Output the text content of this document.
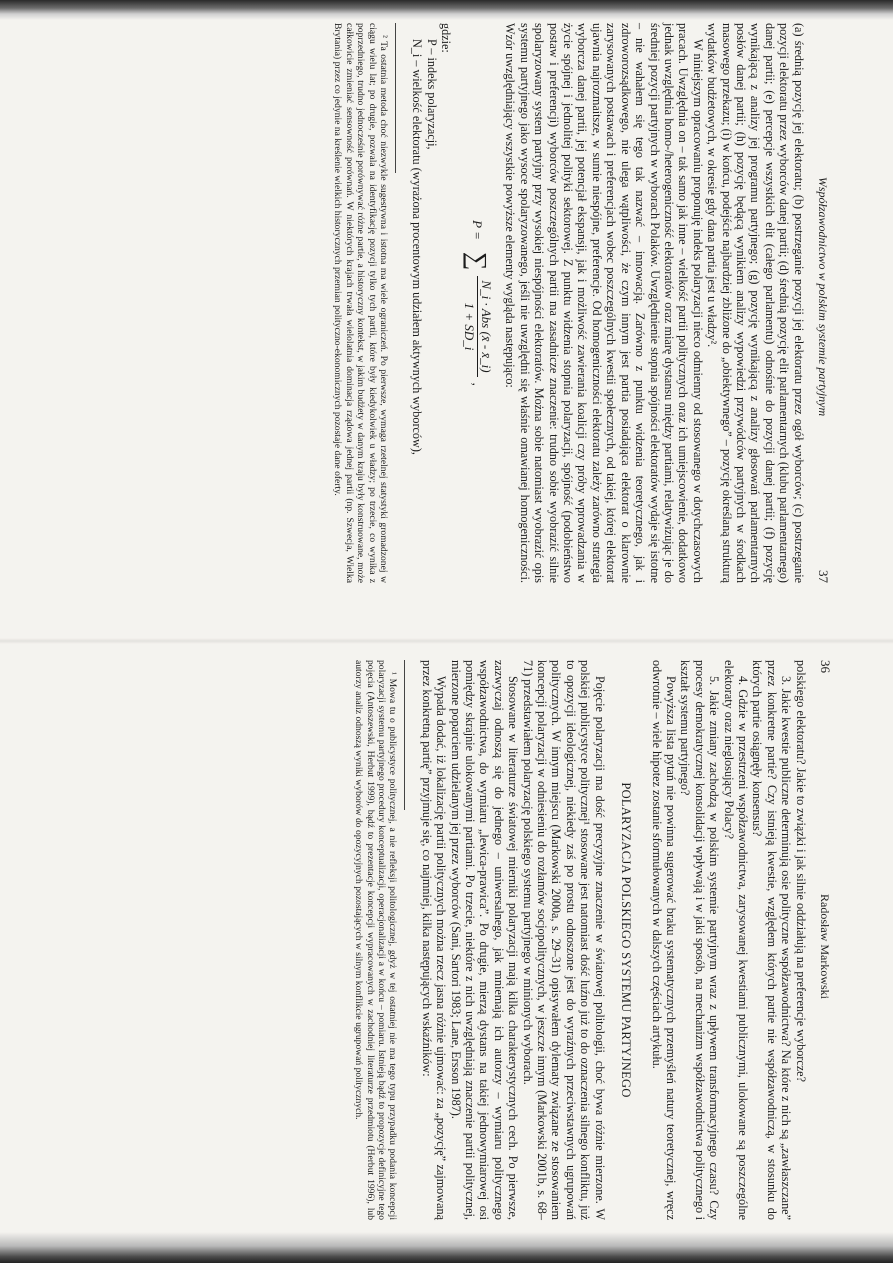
Współzawodnictwo w polskim systemie partyjnym
37

(a) średnią pozycję jej elektoratu; (b) postrzeganie pozycji jej elektoratu przez ogół wyborców; (c) postrzeganie pozycji elektoratu przez wyborców danej partii; (d) średnią pozycję elit parlamentarnych (klubu parlamentarnego) danej partii; (e) percepcje wszystkich elit (całego parlamentu) odnośnie do pozycji danej partii; (f) pozycję wynikającą z analizy jej programu partyjnego; (g) pozycję wynikającą z analizy głosowań parlamentarnych posłów danej partii; (h) pozycję będącą wynikiem analizy wypowiedzi przywódców partyjnych w środkach masowego przekazu; (i) w końcu, podejście najbardziej zbliżone do „obiektywnego” – pozycję określaną strukturą wydatków budżetowych, w okresie gdy dana partia jest u władzy².

W niniejszym opracowaniu proponuję indeks polaryzacji nieco odmienny od stosowanego w dotychczasowych pracach. Uwzględnia on – tak samo jak inne – wielkość partii politycznych oraz ich umiejscowienie, dodatkowo jednak uwzględnia homo-/heterogeniczność elektoratów oraz miarę dystansu między partiami, relatywizując je do średniej pozycji partyjnych w wyborach Polaków. Uwzględnienie stopnia spójności elektoratów wydaje się istotne – nie wahałem się tego tak nazwać – innowacją. Zarówno z punktu widzenia teoretycznego, jak i zdroworozsądkowego, nie ulega wątpliwości, że czym innym jest partia posiadająca elektorat o klarownie zarysowanych postawach i preferencjach wobec poszczególnych kwestii społecznych, od takiej, której elektorat ujawnia najrozmaitsze, w sumie niespójne, preferencje. Od homogeniczności elektoratu zależy zarówno strategia wyborcza danej partii, jej potencjał ekspansji, jak i możliwość zawierania koalicji czy próby wprowadzania w życie spójnej i jednolitej polityki sektorowej. Z punktu widzenia stopnia polaryzacji, spójność (podobieństwo postaw i preferencji) wyborców poszczególnych partii ma zasadnicze znaczenie: trudno sobie wyobrazić silnie spolaryzowany system partyjny przy wysokiej niespójności elektoratów. Można sobie natomiast wyobrazić opis systemu partyjnego jako wysoce spolaryzowanego, jeśli nie uwzględni się właśnie omawianej homogeniczności. Wzór uwzględniający wszystkie powyższe elementy wygląda następująco:

P =
∑
N_i · Abs (x̄ - x̄_i)
1 + SD_i
,

gdzie:

P – indeks polaryzacji,

N_i – wielkość elektoratu (wyrażona procentowym udziałem aktywnych wyborców),

² Ta ostatnia metoda choć niezwykle sugestywna i istotna ma wiele ograniczeń. Po pierwsze, wymaga rzetelnej statystyki gromadzonej w ciągu wielu lat; po drugie, pozwala na identyfikację pozycji tylko tych partii, które były kiedykolwiek u władzy; po trzecie, co wynika z poprzedniego, trudno jednocześnie porównywać różne partie, a historyczny kontekst, w jakim budżety w danym kraju były konstruowane, może całkowicie zmieniać sensowność porównań. W niektórych krajach trwała wielolatnia dominacja rządowa jednej partii (np. Szwecja, Wielka Brytania) przez co jedynie na kreślenie wielkich historycznych przemian polityczno-ekonomicznych pozostaje dane oferty.

36
Radosław Markowski

polskiego elektoratu? Jakie to związki i jak silnie oddziałują na preferencje wyborcze?

3. Jakie kwestie publiczne determinują osie polityczne współzawodnictwa? Na które z nich są „zawłaszczane” przez konkretne partie? Czy istnieją kwestie, względem których partie nie współzawodniczą, w stosunku do których partie osiągnęły konsensus?

4. Gdzie w przestrzeni współzawodnictwa, zarysowanej kwestiami publicznymi, ulokowane są poszczególne elektoraty oraz nieglosujący Polacy?

5. Jakie zmiany zachodzą w polskim systemie partyjnym wraz z upływem transformacyjnego czasu? Czy procesy demokratycznej konsolidacji wpływają i w jaki sposób, na mechanizm współzawodnictwa politycznego i kształt systemu partyjnego?

Powyższa lista pytań nie powinna sugerować braku systematycznych przemyśleń natury teoretycznej, wręcz odwrotnie – wiele hipotez zostanie sformułowanych w dalszych częściach artykułu.

POLARYZACJA POLSKIEGO SYSTEMU PARTYJNEGO

Pojęcie polaryzacji ma dość precyzyjne znaczenie w światowej politologii, choć bywa różnie mierzone. W polskiej publicystyce politycznej¹ stosowane jest natomiast dość luźno już to do oznaczenia silnego konfliktu, już to opozycji ideologicznej, niekiedy zaś po prostu odnoszone jest do wyraźnych przeciwstawnych ugrupowań politycznych. W innym miejscu (Markowski 2000a, s. 29–31) opisywałem dylematy związane ze stosowaniem koncepcji polaryzacji w odniesieniu do rozłamów socjopolitycznych, w jeszcze innym (Markowski 2001b, s. 68–71) przedstawiałem polaryzację polskiego systemu partyjnego w minionych wyborach.

Stosowane w literaturze światowej mierniki polaryzacji mają kilka charakterystycznych cech. Po pierwsze, zazwyczaj odnoszą się do jednego – uniwersalnego, jak mniemają ich autorzy – wymiaru politycznego współzawodnictwa, do wymiaru „lewica-prawica”. Po drugie, mierzą dystans na takiej jednowymiarowej osi pomiędzy skrajnie ulokowanymi partiami. Po trzecie, niektóre z nich uwzględniają znaczenie partii politycznej, mierzone poparciem udzielanym jej przez wyborców (Sani, Sartori 1983; Lane, Ersson 1987).

Wypada dodać, iż lokalizację partii politycznych można rzecz jasna różnie ujmować: za „pozycję” zajmowaną przez konkretną partię” przyjmuje się, co najmniej, kilka następujących wskaźników:

¹ Mowa tu o publicystyce politycznej, a nie refleksji politologicznej, gdyż w tej ostatniej nie ma tego typu przypadku podania koncepcji polaryzacji systemu partyjnego procedury konceptualizacji, operacjonalizacji a w końcu – pomiaru. Istnieją bądź to propozycje definicyjne tego pojęcia (Antoszewski, Herbut 1999), bądź to prezentacje koncepcji wypracowanych w zachodniej literaturze przedmiotu (Herbut 1996), lub autorzy analiz odnoszą wyniki wyborów do opozycyjnych pozostających w silnym konflikcie ugrupowań politycznych.
